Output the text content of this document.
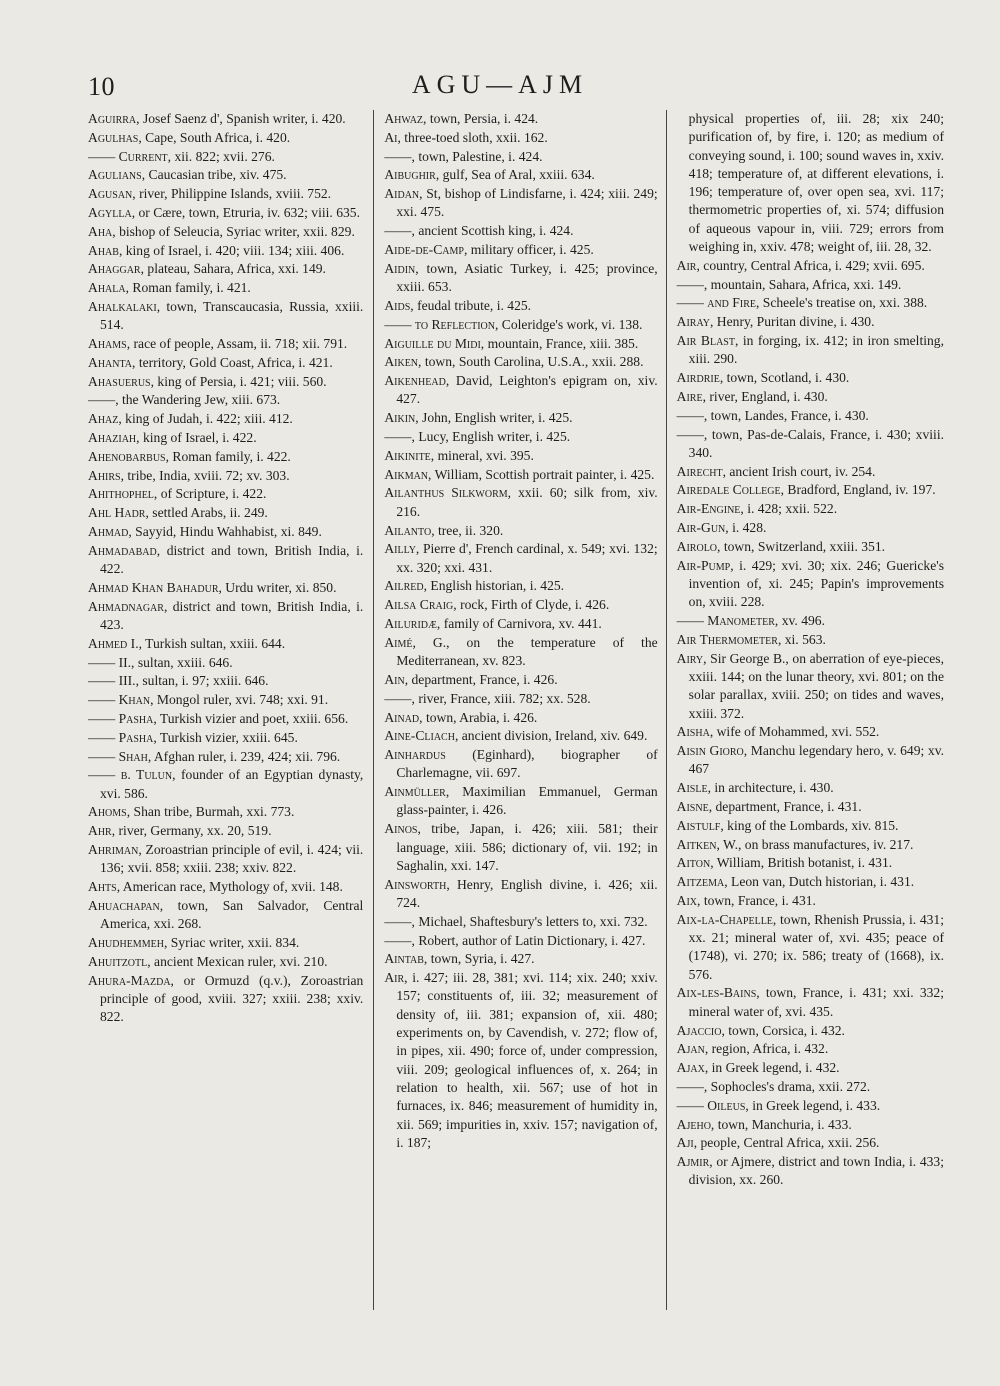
10	AGU—AJM

Aguirra, Josef Saenz d', Spanish writer, i. 420.

Agulhas, Cape, South Africa, i. 420.

—— Current, xii. 822; xvii. 276.

Agulians, Caucasian tribe, xiv. 475.

Agusan, river, Philippine Islands, xviii. 752.

Agylla, or Cære, town, Etruria, iv. 632; viii. 635.

Aha, bishop of Seleucia, Syriac writer, xxii. 829.

Ahab, king of Israel, i. 420; viii. 134; xiii. 406.

Ahaggar, plateau, Sahara, Africa, xxi. 149.

Ahala, Roman family, i. 421.

Ahalkalaki, town, Transcaucasia, Russia, xxiii. 514.

Ahams, race of people, Assam, ii. 718; xii. 791.

Ahanta, territory, Gold Coast, Africa, i. 421.

Ahasuerus, king of Persia, i. 421; viii. 560.

——, the Wandering Jew, xiii. 673.

Ahaz, king of Judah, i. 422; xiii. 412.

Ahaziah, king of Israel, i. 422.

Ahenobarbus, Roman family, i. 422.

Ahirs, tribe, India, xviii. 72; xv. 303.

Ahithophel, of Scripture, i. 422.

Ahl Hadr, settled Arabs, ii. 249.

Ahmad, Sayyid, Hindu Wahhabist, xi. 849.

Ahmadabad, district and town, British India, i. 422.

Ahmad Khan Bahadur, Urdu writer, xi. 850.

Ahmadnagar, district and town, British India, i. 423.

Ahmed I., Turkish sultan, xxiii. 644.

—— II., sultan, xxiii. 646.

—— III., sultan, i. 97; xxiii. 646.

—— Khan, Mongol ruler, xvi. 748; xxi. 91.

—— Pasha, Turkish vizier and poet, xxiii. 656.

—— Pasha, Turkish vizier, xxiii. 645.

—— Shah, Afghan ruler, i. 239, 424; xii. 796.

—— b. Tulun, founder of an Egyptian dynasty, xvi. 586.

Ahoms, Shan tribe, Burmah, xxi. 773.

Ahr, river, Germany, xx. 20, 519.

Ahriman, Zoroastrian principle of evil, i. 424; vii. 136; xvii. 858; xxiii. 238; xxiv. 822.

Ahts, American race, Mythology of, xvii. 148.

Ahuachapan, town, San Salvador, Central America, xxi. 268.

Ahudhemmeh, Syriac writer, xxii. 834.

Ahuitzotl, ancient Mexican ruler, xvi. 210.

Ahura-Mazda, or Ormuzd (q.v.), Zoroastrian principle of good, xviii. 327; xxiii. 238; xxiv. 822.

Ahwaz, town, Persia, i. 424.

Ai, three-toed sloth, xxii. 162.

——, town, Palestine, i. 424.

Aibughir, gulf, Sea of Aral, xxiii. 634.

Aidan, St, bishop of Lindisfarne, i. 424; xiii. 249; xxi. 475.

——, ancient Scottish king, i. 424.

Aide-de-Camp, military officer, i. 425.

Aidin, town, Asiatic Turkey, i. 425; province, xxiii. 653.

Aids, feudal tribute, i. 425.

—— to Reflection, Coleridge's work, vi. 138.

Aiguille du Midi, mountain, France, xiii. 385.

Aiken, town, South Carolina, U.S.A., xxii. 288.

Aikenhead, David, Leighton's epigram on, xiv. 427.

Aikin, John, English writer, i. 425.

——, Lucy, English writer, i. 425.

Aikinite, mineral, xvi. 395.

Aikman, William, Scottish portrait painter, i. 425.

Ailanthus Silkworm, xxii. 60; silk from, xiv. 216.

Ailanto, tree, ii. 320.

Ailly, Pierre d', French cardinal, x. 549; xvi. 132; xx. 320; xxi. 431.

Ailred, English historian, i. 425.

Ailsa Craig, rock, Firth of Clyde, i. 426.

Ailuridæ, family of Carnivora, xv. 441.

Aimé, G., on the temperature of the Mediterranean, xv. 823.

Ain, department, France, i. 426.

——, river, France, xiii. 782; xx. 528.

Ainad, town, Arabia, i. 426.

Aine-Cliach, ancient division, Ireland, xiv. 649.

Ainhardus (Eginhard), biographer of Charlemagne, vii. 697.

Ainmüller, Maximilian Emmanuel, German glass-painter, i. 426.

Ainos, tribe, Japan, i. 426; xiii. 581; their language, xiii. 586; dictionary of, vii. 192; in Saghalin, xxi. 147.

Ainsworth, Henry, English divine, i. 426; xii. 724.

——, Michael, Shaftesbury's letters to, xxi. 732.

——, Robert, author of Latin Dictionary, i. 427.

Aintab, town, Syria, i. 427.

Air, i. 427; iii. 28, 381; xvi. 114; xix. 240; xxiv. 157; constituents of, iii. 32; measurement of density of, iii. 381; expansion of, xii. 480; experiments on, by Cavendish, v. 272; flow of, in pipes, xii. 490; force of, under compression, viii. 209; geological influences of, x. 264; in relation to health, xii. 567; use of hot in furnaces, ix. 846; measurement of humidity in, xii. 569; impurities in, xxiv. 157; navigation of, i. 187;

physical properties of, iii. 28; xix 240; purification of, by fire, i. 120; as medium of conveying sound, i. 100; sound waves in, xxiv. 418; temperature of, at different elevations, i. 196; temperature of, over open sea, xvi. 117; thermometric properties of, xi. 574; diffusion of aqueous vapour in, viii. 729; errors from weighing in, xxiv. 478; weight of, iii. 28, 32.

Air, country, Central Africa, i. 429; xvii. 695.

——, mountain, Sahara, Africa, xxi. 149.

—— and Fire, Scheele's treatise on, xxi. 388.

Airay, Henry, Puritan divine, i. 430.

Air Blast, in forging, ix. 412; in iron smelting, xiii. 290.

Airdrie, town, Scotland, i. 430.

Aire, river, England, i. 430.

——, town, Landes, France, i. 430.

——, town, Pas-de-Calais, France, i. 430; xviii. 340.

Airecht, ancient Irish court, iv. 254.

Airedale College, Bradford, England, iv. 197.

Air-Engine, i. 428; xxii. 522.

Air-Gun, i. 428.

Airolo, town, Switzerland, xxiii. 351.

Air-Pump, i. 429; xvi. 30; xix. 246; Guericke's invention of, xi. 245; Papin's improvements on, xviii. 228.

—— Manometer, xv. 496.

Air Thermometer, xi. 563.

Airy, Sir George B., on aberration of eye-pieces, xxiii. 144; on the lunar theory, xvi. 801; on the solar parallax, xviii. 250; on tides and waves, xxiii. 372.

Aisha, wife of Mohammed, xvi. 552.

Aisin Gioro, Manchu legendary hero, v. 649; xv. 467

Aisle, in architecture, i. 430.

Aisne, department, France, i. 431.

Aistulf, king of the Lombards, xiv. 815.

Aitken, W., on brass manufactures, iv. 217.

Aiton, William, British botanist, i. 431.

Aitzema, Leon van, Dutch historian, i. 431.

Aix, town, France, i. 431.

Aix-la-Chapelle, town, Rhenish Prussia, i. 431; xx. 21; mineral water of, xvi. 435; peace of (1748), vi. 270; ix. 586; treaty of (1668), ix. 576.

Aix-les-Bains, town, France, i. 431; xxi. 332; mineral water of, xvi. 435.

Ajaccio, town, Corsica, i. 432.

Ajan, region, Africa, i. 432.

Ajax, in Greek legend, i. 432.

——, Sophocles's drama, xxii. 272.

—— Oileus, in Greek legend, i. 433.

Ajeho, town, Manchuria, i. 433.

Aji, people, Central Africa, xxii. 256.

Ajmir, or Ajmere, district and town India, i. 433; division, xx. 260.
